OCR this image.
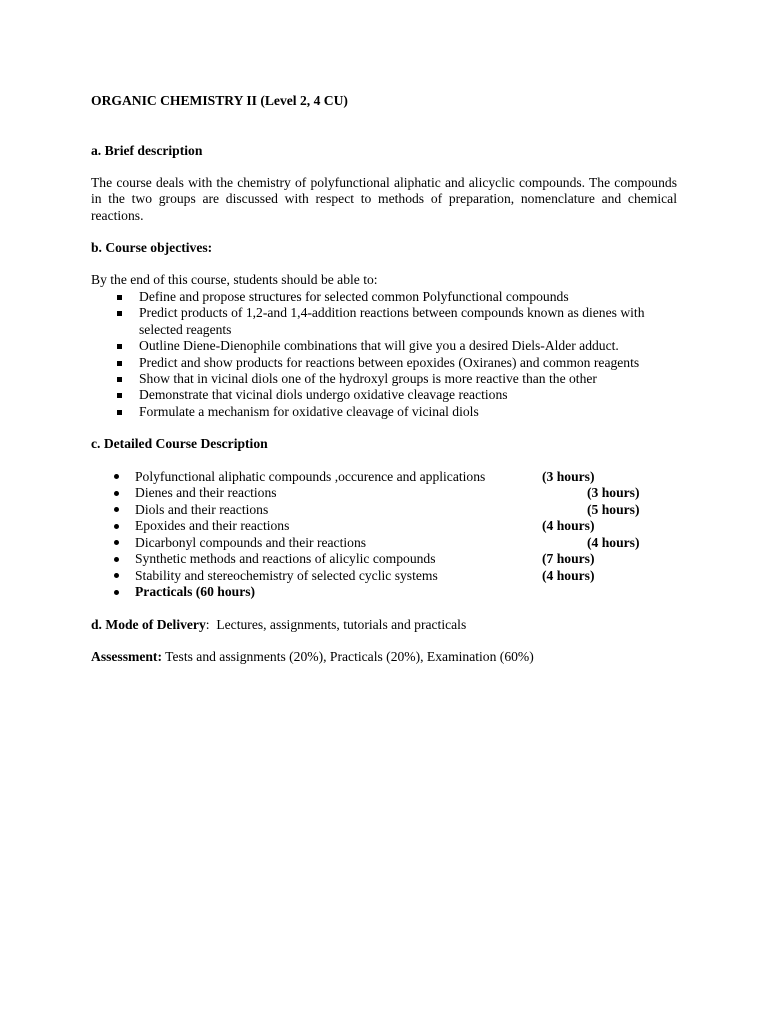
ORGANIC CHEMISTRY II (Level 2, 4 CU)
a. Brief description

The course deals with the chemistry of polyfunctional aliphatic and alicyclic compounds. The compounds in the two groups are discussed with respect to methods of preparation, nomenclature and chemical reactions.

b. Course objectives:
By the end of this course, students should be able to:
Define and propose structures for selected common Polyfunctional compounds
Predict products of 1,2-and 1,4-addition reactions between compounds known as dienes with selected reagents
Outline Diene-Dienophile combinations that will give you a desired Diels-Alder adduct.
Predict and show products for reactions between epoxides (Oxiranes) and common reagents
Show that in vicinal diols one of the hydroxyl groups is more reactive than the other
Demonstrate that vicinal diols undergo oxidative cleavage reactions
Formulate a mechanism for oxidative cleavage of vicinal diols
c. Detailed Course Description
Polyfunctional aliphatic compounds ,occurence and applications	(3 hours)
Dienes and their reactions	(3 hours)
Diols and their reactions	(5 hours)
Epoxides and their reactions	(4 hours)
Dicarbonyl compounds and their reactions	(4 hours)
Synthetic methods and reactions of alicylic compounds	(7 hours)
Stability and stereochemistry of selected cyclic systems	(4 hours)
Practicals (60 hours)
d. Mode of Delivery:  Lectures, assignments, tutorials and practicals
Assessment: Tests and assignments (20%), Practicals (20%), Examination (60%)
